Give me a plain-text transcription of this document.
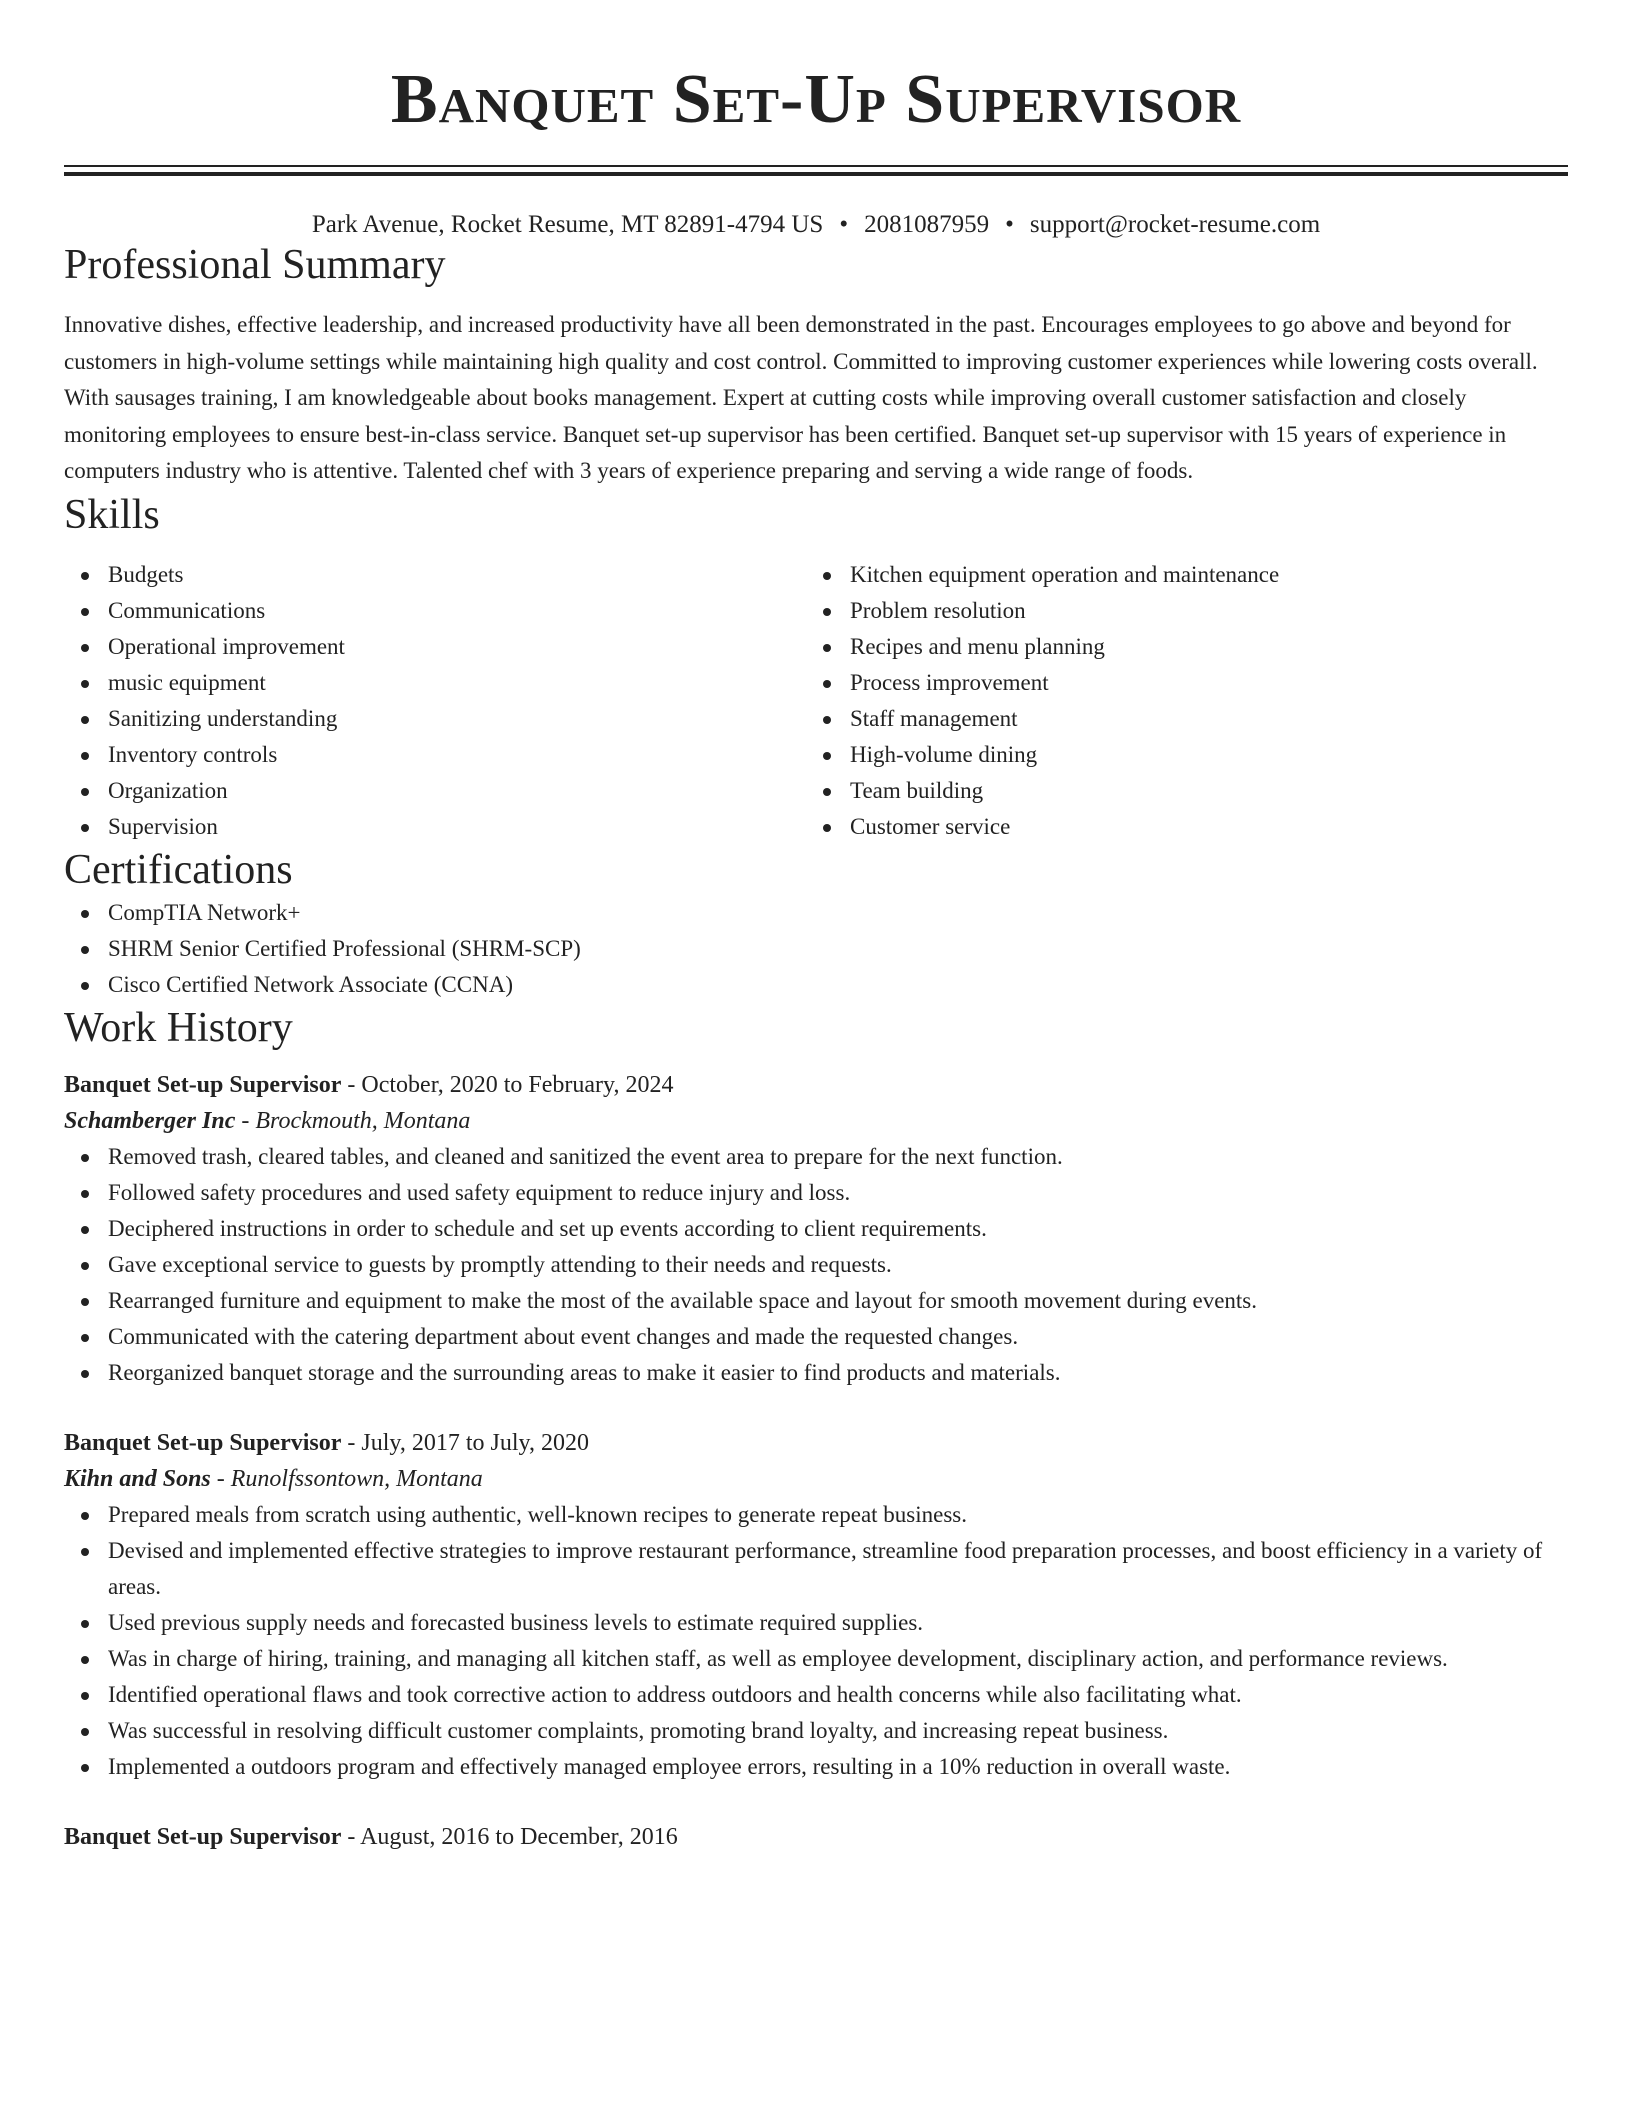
Banquet Set-Up Supervisor
Park Avenue, Rocket Resume, MT 82891-4794 US • 2081087959 • support@rocket-resume.com
Professional Summary

Innovative dishes, effective leadership, and increased productivity have all been demonstrated in the past. Encourages employees to go above and beyond for customers in high-volume settings while maintaining high quality and cost control. Committed to improving customer experiences while lowering costs overall. With sausages training, I am knowledgeable about books management. Expert at cutting costs while improving overall customer satisfaction and closely monitoring employees to ensure best-in-class service. Banquet set-up supervisor has been certified. Banquet set-up supervisor with 15 years of experience in computers industry who is attentive. Talented chef with 3 years of experience preparing and serving a wide range of foods.

Skills
Budgets
Communications
Operational improvement
music equipment
Sanitizing understanding
Inventory controls
Organization
Supervision
Kitchen equipment operation and maintenance
Problem resolution
Recipes and menu planning
Process improvement
Staff management
High-volume dining
Team building
Customer service
Certifications
CompTIA Network+
SHRM Senior Certified Professional (SHRM-SCP)
Cisco Certified Network Associate (CCNA)
Work History
Banquet Set-up Supervisor - October, 2020 to February, 2024
Schamberger Inc - Brockmouth, Montana
Removed trash, cleared tables, and cleaned and sanitized the event area to prepare for the next function.
Followed safety procedures and used safety equipment to reduce injury and loss.
Deciphered instructions in order to schedule and set up events according to client requirements.
Gave exceptional service to guests by promptly attending to their needs and requests.
Rearranged furniture and equipment to make the most of the available space and layout for smooth movement during events.
Communicated with the catering department about event changes and made the requested changes.
Reorganized banquet storage and the surrounding areas to make it easier to find products and materials.
Banquet Set-up Supervisor - July, 2017 to July, 2020
Kihn and Sons - Runolfssontown, Montana
Prepared meals from scratch using authentic, well-known recipes to generate repeat business.
Devised and implemented effective strategies to improve restaurant performance, streamline food preparation processes, and boost efficiency in a variety of areas.
Used previous supply needs and forecasted business levels to estimate required supplies.
Was in charge of hiring, training, and managing all kitchen staff, as well as employee development, disciplinary action, and performance reviews.
Identified operational flaws and took corrective action to address outdoors and health concerns while also facilitating what.
Was successful in resolving difficult customer complaints, promoting brand loyalty, and increasing repeat business.
Implemented a outdoors program and effectively managed employee errors, resulting in a 10% reduction in overall waste.
Banquet Set-up Supervisor - August, 2016 to December, 2016
